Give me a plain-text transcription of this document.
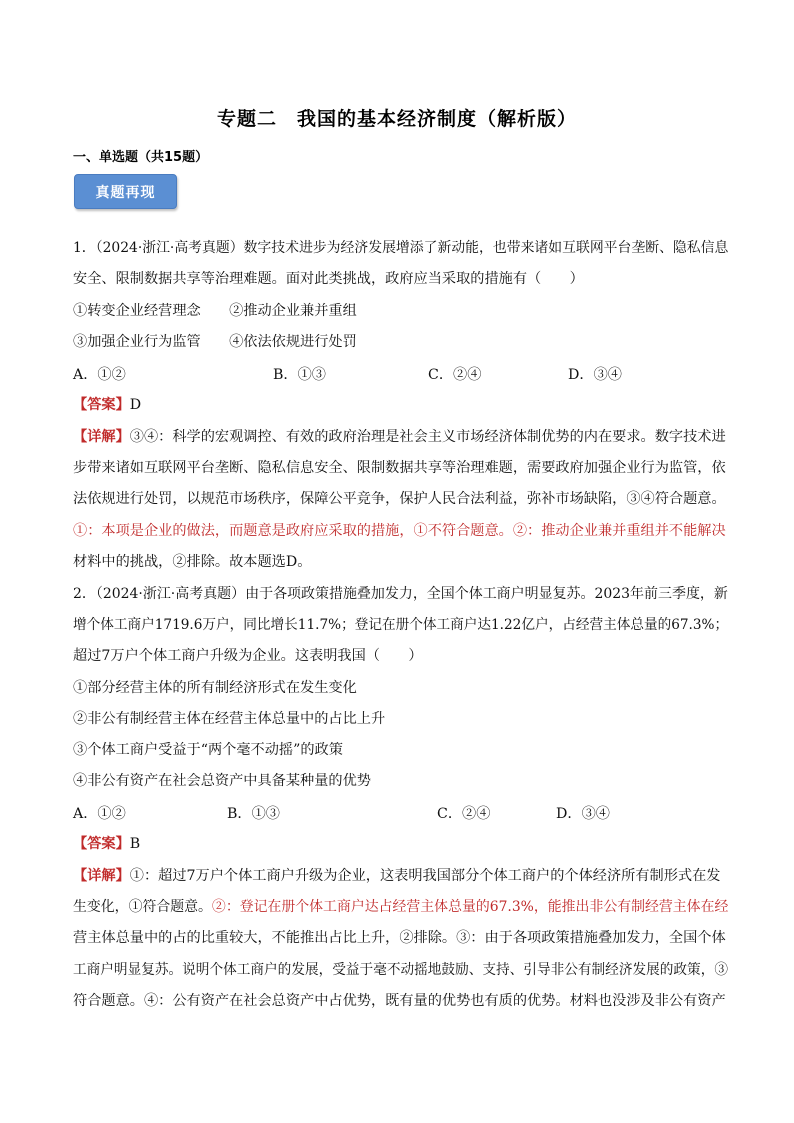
专题二　我国的基本经济制度（解析版）
一、单选题（共15题）
真题再现
1．（2024·浙江·高考真题）数字技术进步为经济发展增添了新动能，也带来诸如互联网平台垄断、隐私信息
安全、限制数据共享等治理难题。面对此类挑战，政府应当采取的措施有（　　）
①转变企业经营理念　　②推动企业兼并重组
③加强企业行为监管　　④依法依规进行处罚
A．①②	B．①③	C．②④	D．③④
【答案】D
【详解】③④：科学的宏观调控、有效的政府治理是社会主义市场经济体制优势的内在要求。数字技术进
步带来诸如互联网平台垄断、隐私信息安全、限制数据共享等治理难题，需要政府加强企业行为监管，依
法依规进行处罚，以规范市场秩序，保障公平竞争，保护人民合法利益，弥补市场缺陷，③④符合题意。
①：本项是企业的做法，而题意是政府应采取的措施，①不符合题意。②：推动企业兼并重组并不能解决
材料中的挑战，②排除。故本题选D。
2．（2024·浙江·高考真题）由于各项政策措施叠加发力，全国个体工商户明显复苏。2023年前三季度，新
增个体工商户1719.6万户，同比增长11.7%；登记在册个体工商户达1.22亿户，占经营主体总量的67.3%；
超过7万户个体工商户升级为企业。这表明我国（　　）
①部分经营主体的所有制经济形式在发生变化
②非公有制经营主体在经营主体总量中的占比上升
③个体工商户受益于“两个毫不动摇”的政策
④非公有资产在社会总资产中具备某种量的优势
A．①②	B．①③	C．②④	D．③④
【答案】B
【详解】①：超过7万户个体工商户升级为企业，这表明我国部分个体工商户的个体经济所有制形式在发
生变化，①符合题意。②：登记在册个体工商户达占经营主体总量的67.3%，能推出非公有制经营主体在经
营主体总量中的占的比重较大，不能推出占比上升，②排除。③：由于各项政策措施叠加发力，全国个体
工商户明显复苏。说明个体工商户的发展，受益于毫不动摇地鼓励、支持、引导非公有制经济发展的政策，③
符合题意。④：公有资产在社会总资产中占优势，既有量的优势也有质的优势。材料也没涉及非公有资产
